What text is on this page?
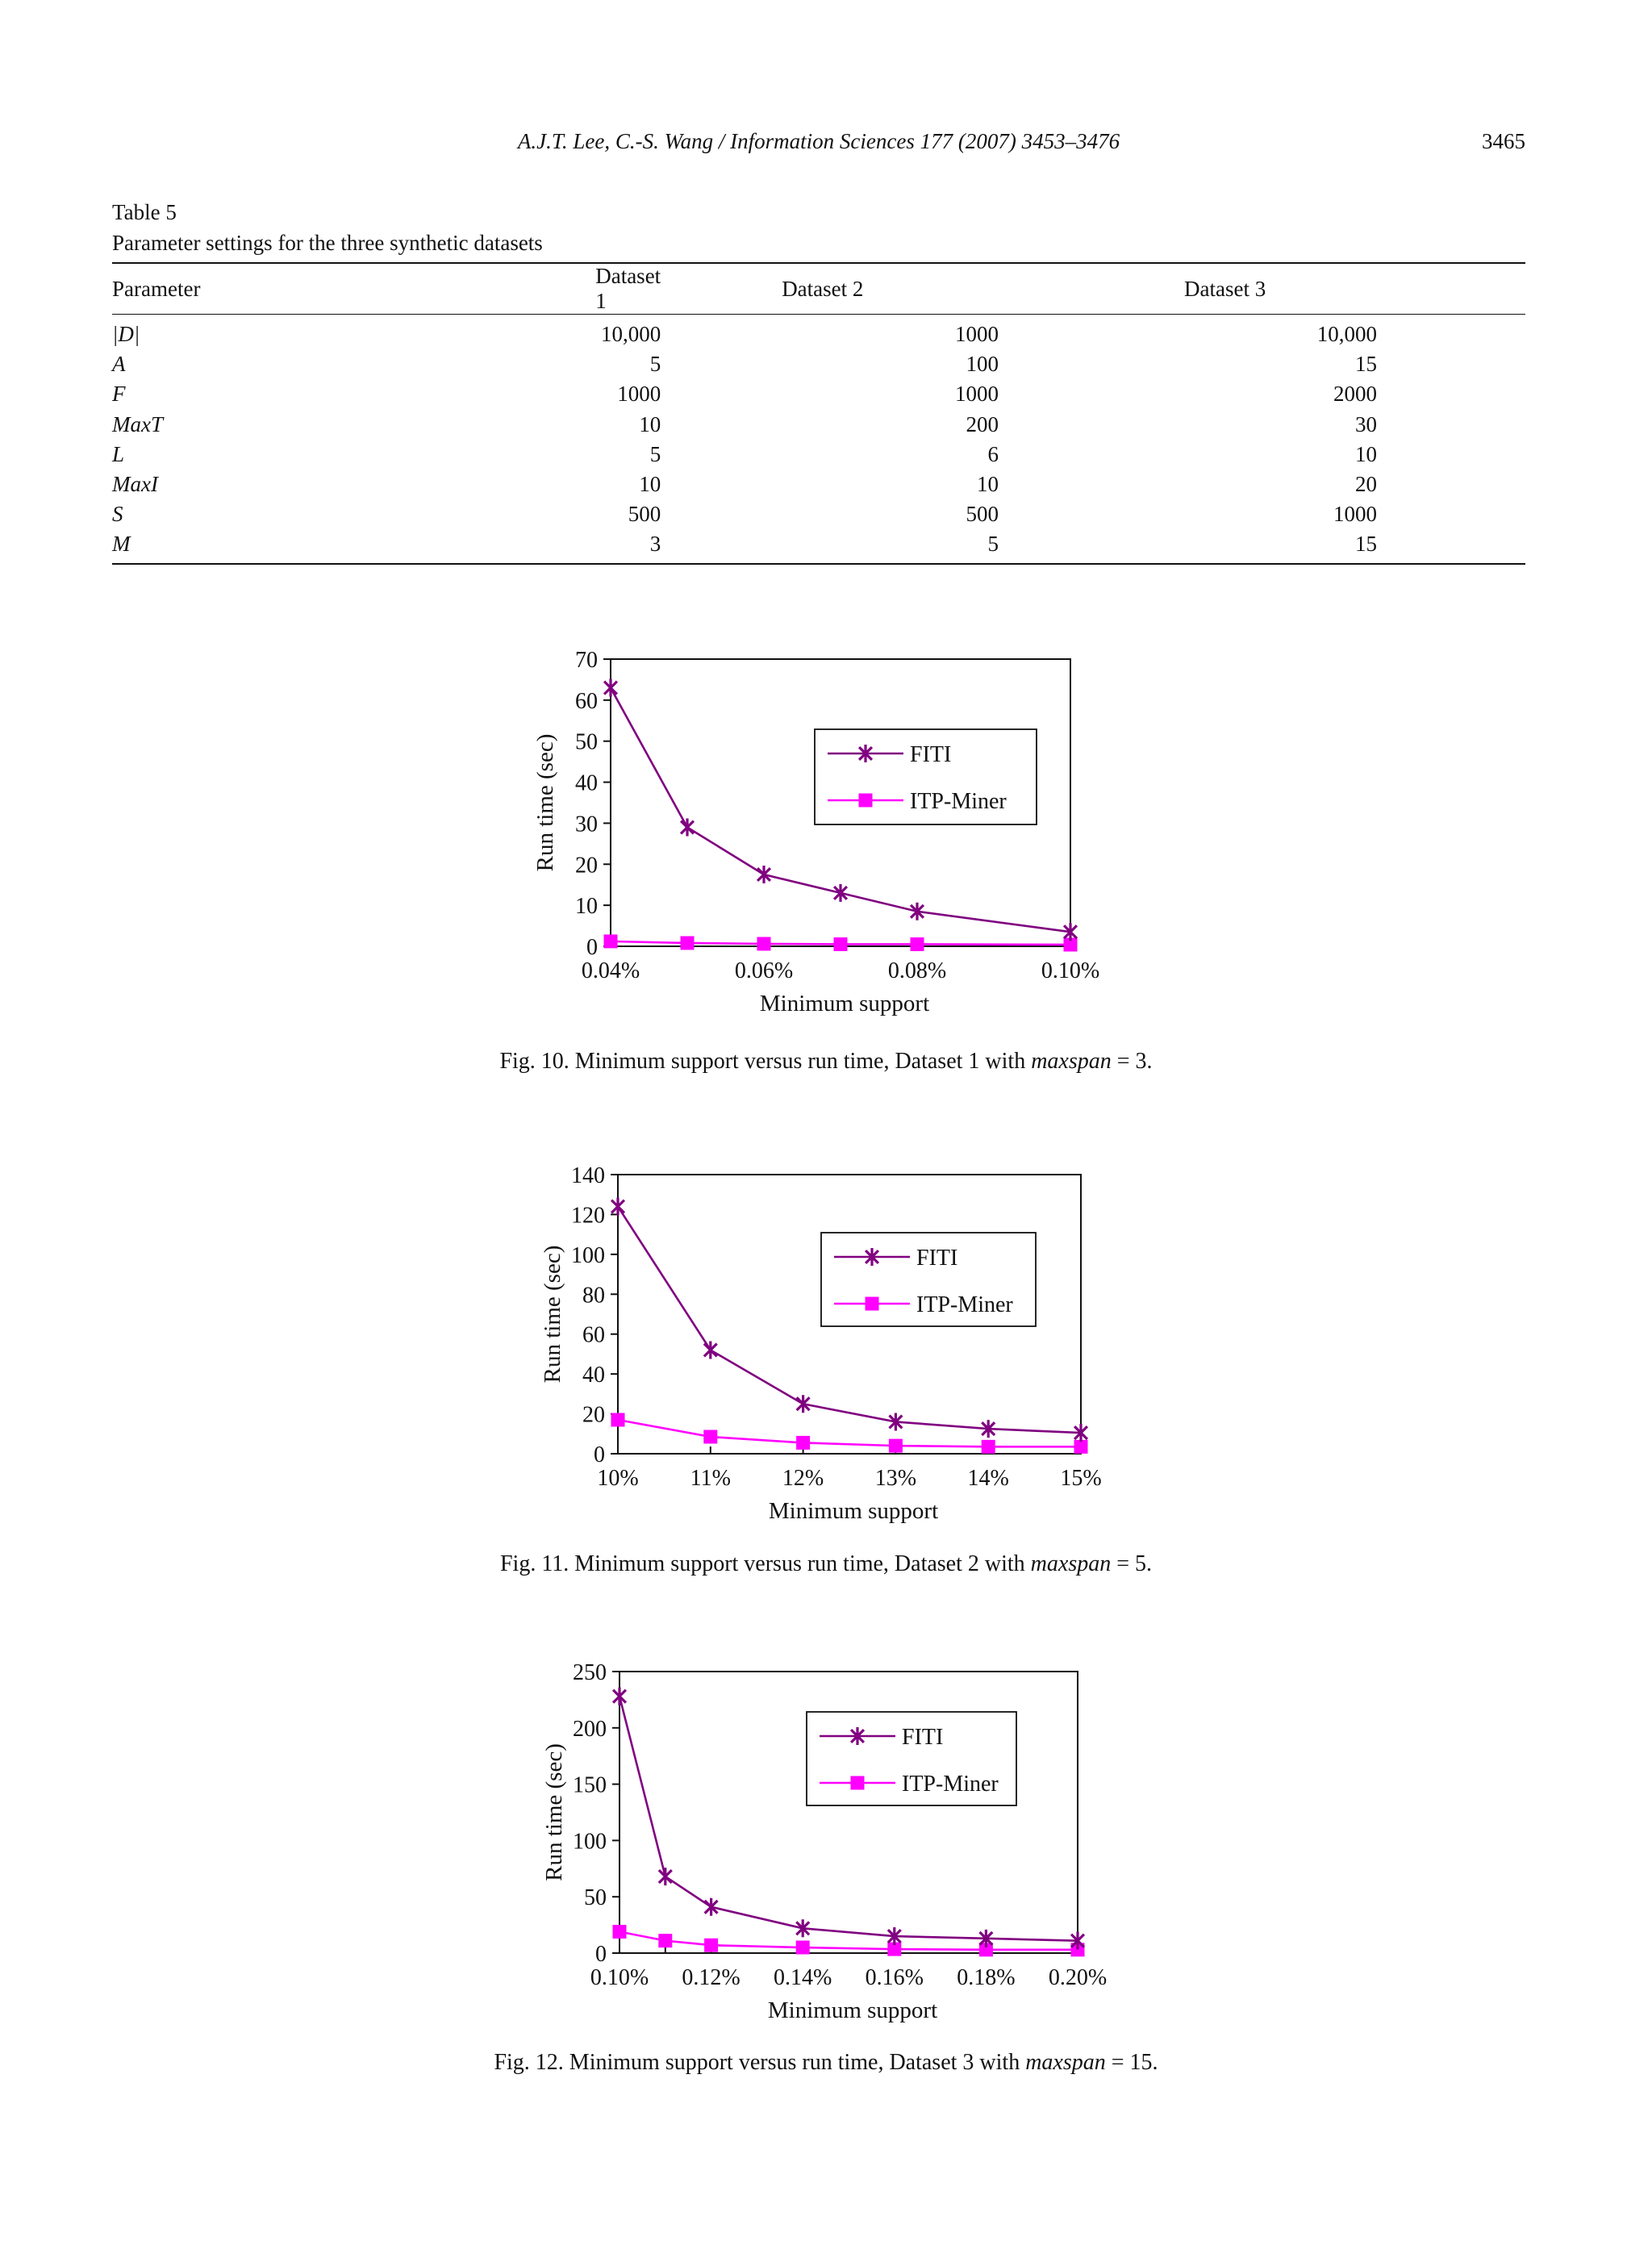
A.J.T. Lee, C.-S. Wang / Information Sciences 177 (2007) 3453–3476	3465
Table 5
Parameter settings for the three synthetic datasets
Parameter	Dataset 1	Dataset 2	Dataset 3
|D|	10,000	1000	10,000
A	5	100	15
F	1000	1000	2000
MaxT	10	200	30
L	5	6	10
MaxI	10	10	20
S	500	500	1000
M	3	5	15
0
10
20
30
40
50
60
70
0.04%	0.06%	0.08%	0.10%
Minimum support
Run time (sec)	FITI
ITP-Miner
Fig. 10. Minimum support versus run time, Dataset 1 with maxspan = 3.
0
20
40
60
80
100
120
140
10% 11% 12% 13% 14% 15%
Minimum support
Run time (sec)	FITI
ITP-Miner
Fig. 11. Minimum support versus run time, Dataset 2 with maxspan = 5.
0
50
100
150
200
250
0.10% 0.12% 0.14% 0.16% 0.18% 0.20%
Minimum support
Run time (sec)
FITI
ITP-Miner
Fig. 12. Minimum support versus run time, Dataset 3 with maxspan = 15.
